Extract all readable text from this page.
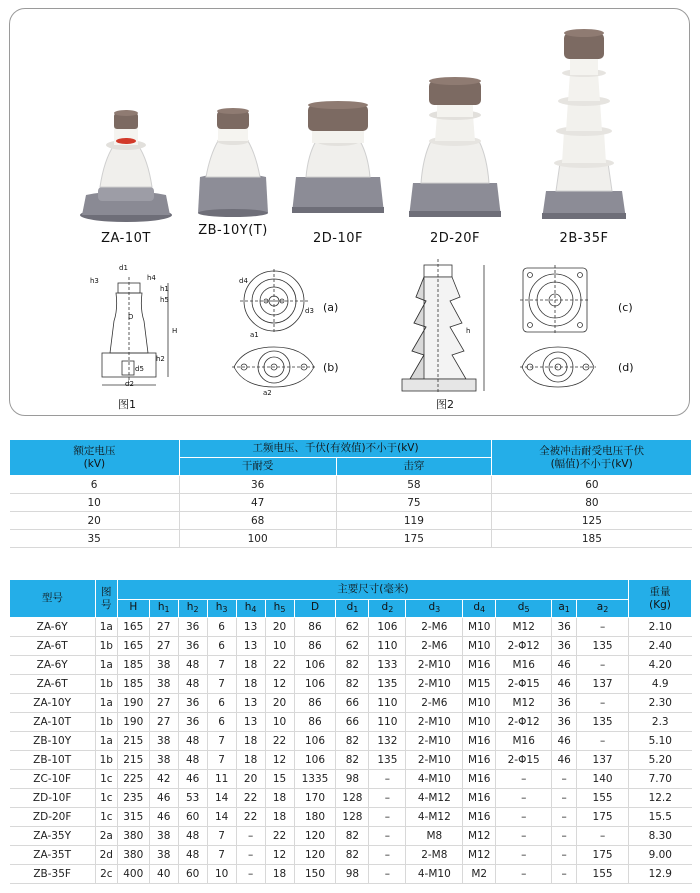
ZA-10T
ZB-10Y(T)
2D-10F	2D-20F	2B-35F
d1
h3	h4
h1
h5
D
H
h2
d5
d2
图1
(a)
d4
d3
a1
(b)
a2
h
图2
(c)
(d)
额定电压
(kV)	工频电压、千伏(有效值)不小于(kV)		全被冲击耐受电压千伏
(幅值)不小于(kV)
	干耐受	击穿	
6	36	58	60
10	47	75	80
20	68	119	125
35	100	175	185
型号	图号	主要尺寸(毫米)														重量
(Kg)
		H	$h_1$	$h_2$	$h_3$	$h_4$	$h_5$	D	$d_1$	$d_2$	$d_3$	$d_4$	$d_5$	$a_1$	$a_2$
ZA-6Y	1a	165	27	36	6	13	20	86	62	106	2-M6	M10	M12	36	–	2.10
ZA-6T	1b	165	27	36	6	13	10	86	62	110	2-M6	M10	2-Φ12	36	135	2.40
ZA-6Y	1a	185	38	48	7	18	22	106	82	133	2-M10	M16	M16	46	–	4.20
ZA-6T	1b	185	38	48	7	18	12	106	82	135	2-M10	M15	2-Φ15	46	137	4.9
ZA-10Y	1a	190	27	36	6	13	20	86	66	110	2-M6	M10	M12	36	–	2.30
ZA-10T	1b	190	27	36	6	13	10	86	66	110	2-M10	M10	2-Φ12	36	135	2.3
ZB-10Y	1a	215	38	48	7	18	22	106	82	132	2-M10	M16	M16	46	–	5.10
ZB-10T	1b	215	38	48	7	18	12	106	82	135	2-M10	M16	2-Φ15	46	137	5.20
ZC-10F	1c	225	42	46	11	20	15	1335	98	–	4-M10	M16	–	–	140	7.70
ZD-10F	1c	235	46	53	14	22	18	170	128	–	4-M12	M16	–	–	155	12.2
ZD-20F	1c	315	46	60	14	22	18	180	128	–	4-M12	M16	–	–	175	15.5
ZA-35Y	2a	380	38	48	7	–	22	120	82	–	M8	M12	–	–	–	8.30
ZA-35T	2d	380	38	48	7	–	12	120	82	–	2-M8	M12	–	–	175	9.00
ZB-35F	2c	400	40	60	10	–	18	150	98	–	4-M10	M2	–	–	155	12.9
